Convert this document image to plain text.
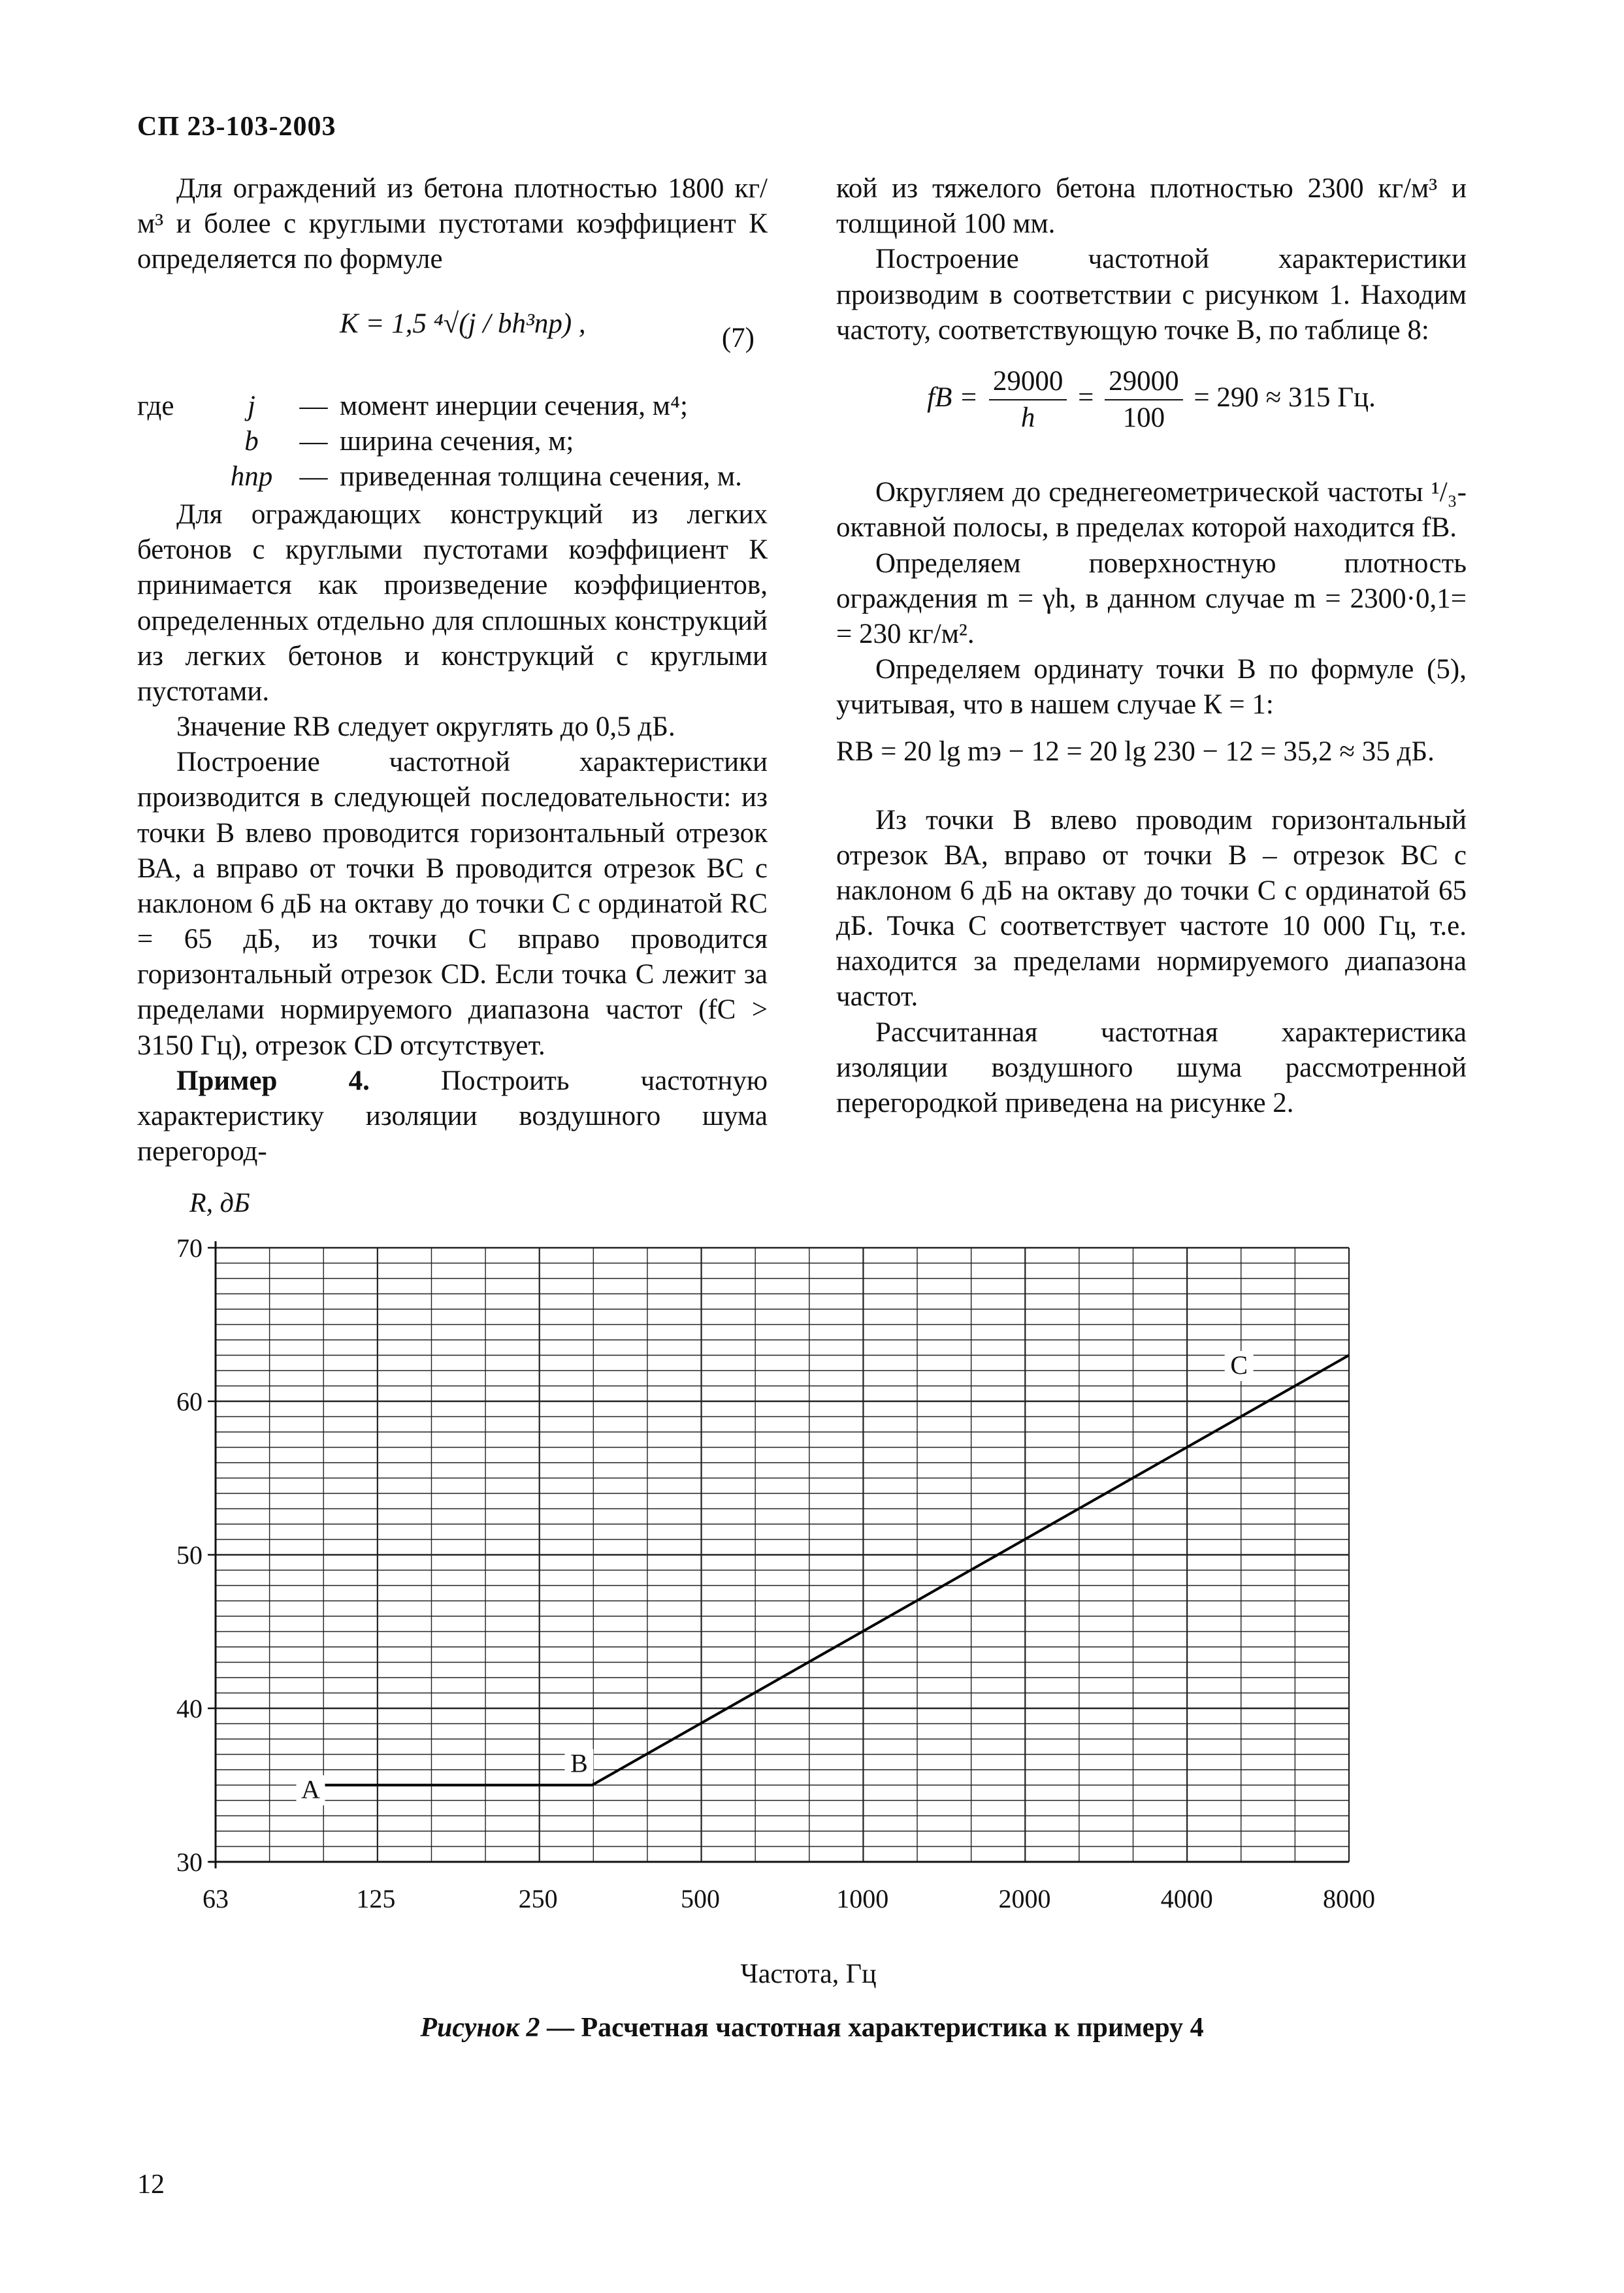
СП 23-103-2003

Для ограждений из бетона плотностью 1800 кг/м³ и более с круглыми пустотами коэффициент К определяется по формуле

K = 1,5 ⁴√(j / bh³пр) ,	(7)
где	j	— момент инерции сечения, м⁴;
b	— ширина сечения, м;
hпр — приведенная толщина сечения, м.

Для ограждающих конструкций из легких бетонов с круглыми пустотами коэффициент К принимается как произведение коэффициентов, определенных отдельно для сплошных конструкций из легких бетонов и конструкций с круглыми пустотами.

Значение RВ следует округлять до 0,5 дБ.

Построение частотной характеристики производится в следующей последовательности: из точки В влево проводится горизонтальный отрезок ВА, а вправо от точки В проводится отрезок ВС с наклоном 6 дБ на октаву до точки С с ординатой RC = 65 дБ, из точки С вправо проводится горизонтальный отрезок CD. Если точка С лежит за пределами нормируемого диапазона частот (fC > 3150 Гц), отрезок CD отсутствует.

Пример 4. Построить частотную характеристику изоляции воздушного шума перегород-

кой из тяжелого бетона плотностью 2300 кг/м³ и толщиной 100 мм.

Построение частотной характеристики производим в соответствии с рисунком 1. Находим частоту, соответствующую точке В, по таблице 8:

fВ = $\frac{29000}{h} = \frac{29000}{100} = 290 \approx 315$ Гц.

Округляем до среднегеометрической частоты ¹/₃-октавной полосы, в пределах которой находится fВ.

Определяем поверхностную плотность ограждения m = γh, в данном случае m = 2300·0,1= = 230 кг/м².

Определяем ординату точки В по формуле (5), учитывая, что в нашем случае К = 1:

RВ = 20 lg mэ − 12 = 20 lg 230 − 12 = 35,2 ≈ 35 дБ.

Из точки В влево проводим горизонтальный отрезок ВА, вправо от точки В – отрезок ВС с наклоном 6 дБ на октаву до точки С с ординатой 65 дБ. Точка С соответствует частоте 10 000 Гц, т.е. находится за пределами нормируемого диапазона частот.

Рассчитанная частотная характеристика изоляции воздушного шума рассмотренной перегородкой приведена на рисунке 2.

30
40
50
60
70
63	125	250	500	1000	2000	4000	8000
R, дБ
Частота, Гц
A
B
C
Рисунок 2 — Расчетная частотная характеристика к примеру 4
12
